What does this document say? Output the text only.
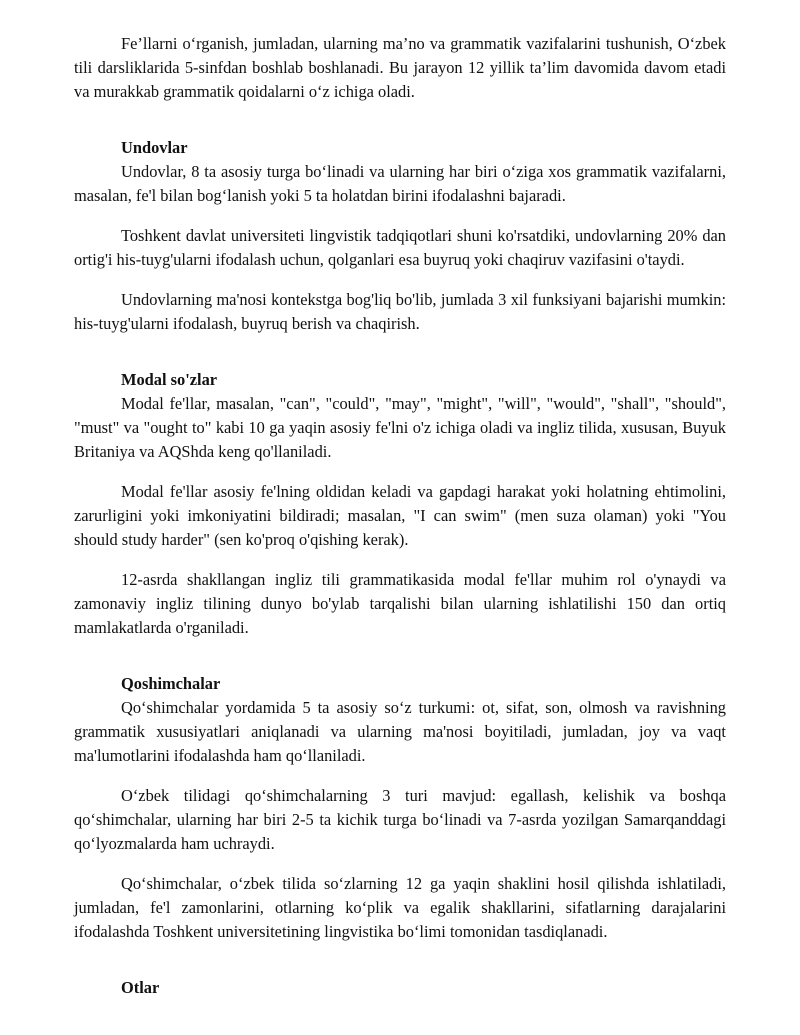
Fe’llarni o‘rganish, jumladan, ularning ma’no va grammatik vazifalarini tushunish, O‘zbek tili darsliklarida 5-sinfdan boshlab boshlanadi. Bu jarayon 12 yillik ta’lim davomida davom etadi va murakkab grammatik qoidalarni o‘z ichiga oladi.

Undovlar

Undovlar, 8 ta asosiy turga bo‘linadi va ularning har biri o‘ziga xos grammatik vazifalarni, masalan, fe'l bilan bog‘lanish yoki 5 ta holatdan birini ifodalashni bajaradi.

Toshkent davlat universiteti lingvistik tadqiqotlari shuni ko'rsatdiki, undovlarning 20% dan ortig'i his-tuyg'ularni ifodalash uchun, qolganlari esa buyruq yoki chaqiruv vazifasini o'taydi.

Undovlarning ma'nosi kontekstga bog'liq bo'lib, jumlada 3 xil funksiyani bajarishi mumkin: his-tuyg'ularni ifodalash, buyruq berish va chaqirish.

Modal so'zlar

Modal fe'llar, masalan, "can", "could", "may", "might", "will", "would", "shall", "should", "must" va "ought to" kabi 10 ga yaqin asosiy fe'lni o'z ichiga oladi va ingliz tilida, xususan, Buyuk Britaniya va AQShda keng qo'llaniladi.

Modal fe'llar asosiy fe'lning oldidan keladi va gapdagi harakat yoki holatning ehtimolini, zarurligini yoki imkoniyatini bildiradi; masalan, "I can swim" (men suza olaman) yoki "You should study harder" (sen ko'proq o'qishing kerak).

12-asrda shakllangan ingliz tili grammatikasida modal fe'llar muhim rol o'ynaydi va zamonaviy ingliz tilining dunyo bo'ylab tarqalishi bilan ularning ishlatilishi 150 dan ortiq mamlakatlarda o'rganiladi.

Qoshimchalar

Qo‘shimchalar yordamida 5 ta asosiy so‘z turkumi: ot, sifat, son, olmosh va ravishning grammatik xususiyatlari aniqlanadi va ularning ma'nosi boyitiladi, jumladan, joy va vaqt ma'lumotlarini ifodalashda ham qo‘llaniladi.

O‘zbek tilidagi qo‘shimchalarning 3 turi mavjud: egallash, kelishik va boshqa qo‘shimchalar, ularning har biri 2-5 ta kichik turga bo‘linadi va 7-asrda yozilgan Samarqanddagi qo‘lyozmalarda ham uchraydi.

Qo‘shimchalar, o‘zbek tilida so‘zlarning 12 ga yaqin shaklini hosil qilishda ishlatiladi, jumladan, fe'l zamonlarini, otlarning ko‘plik va egalik shakllarini, sifatlarning darajalarini ifodalashda Toshkent universitetining lingvistika bo‘limi tomonidan tasdiqlanadi.

Otlar
